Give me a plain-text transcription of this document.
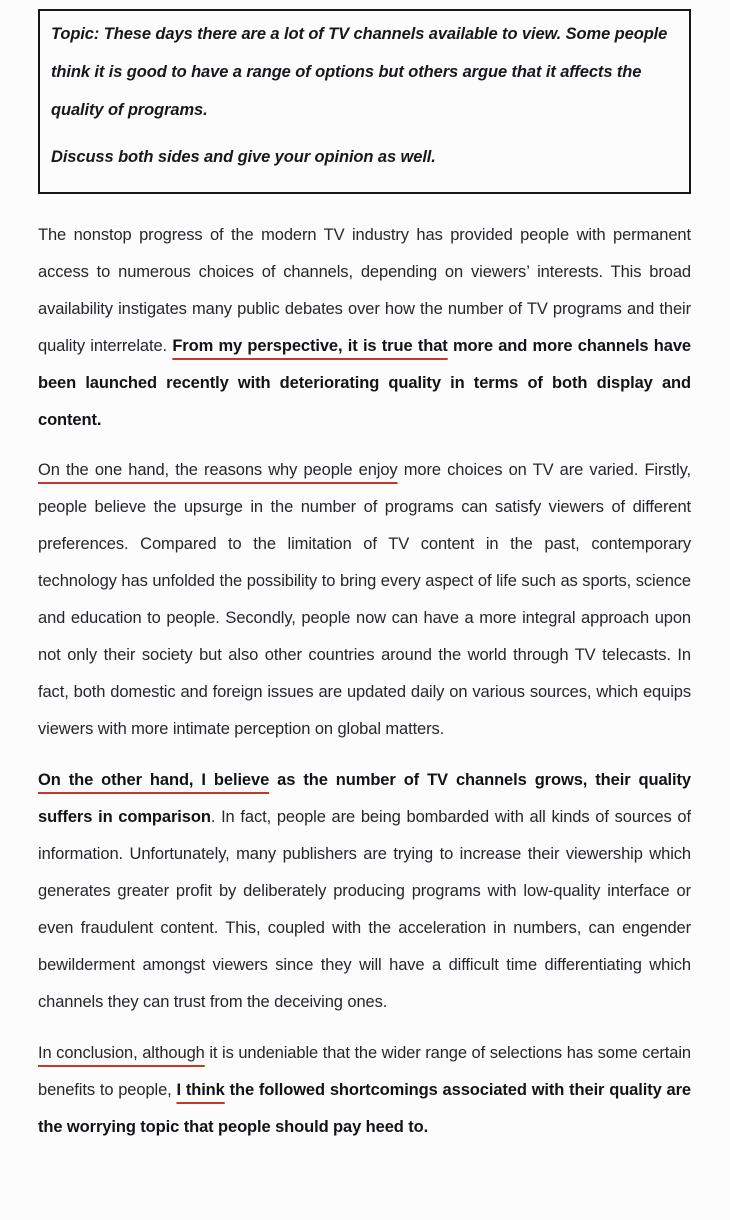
Topic: These days there are a lot of TV channels available to view. Some people think it is good to have a range of options but others argue that it affects the quality of programs.

Discuss both sides and give your opinion as well.

The nonstop progress of the modern TV industry has provided people with permanent access to numerous choices of channels, depending on viewers’ interests. This broad availability instigates many public debates over how the number of TV programs and their quality interrelate. From my perspective, it is true that more and more channels have been launched recently with deteriorating quality in terms of both display and content.

On the one hand, the reasons why people enjoy more choices on TV are varied. Firstly, people believe the upsurge in the number of programs can satisfy viewers of different preferences. Compared to the limitation of TV content in the past, contemporary technology has unfolded the possibility to bring every aspect of life such as sports, science and education to people. Secondly, people now can have a more integral approach upon not only their society but also other countries around the world through TV telecasts. In fact, both domestic and foreign issues are updated daily on various sources, which equips viewers with more intimate perception on global matters.

On the other hand, I believe as the number of TV channels grows, their quality suffers in comparison. In fact, people are being bombarded with all kinds of sources of information. Unfortunately, many publishers are trying to increase their viewership which generates greater profit by deliberately producing programs with low-quality interface or even fraudulent content. This, coupled with the acceleration in numbers, can engender bewilderment amongst viewers since they will have a difficult time differentiating which channels they can trust from the deceiving ones.

In conclusion, although it is undeniable that the wider range of selections has some certain benefits to people, I think the followed shortcomings associated with their quality are the worrying topic that people should pay heed to.
